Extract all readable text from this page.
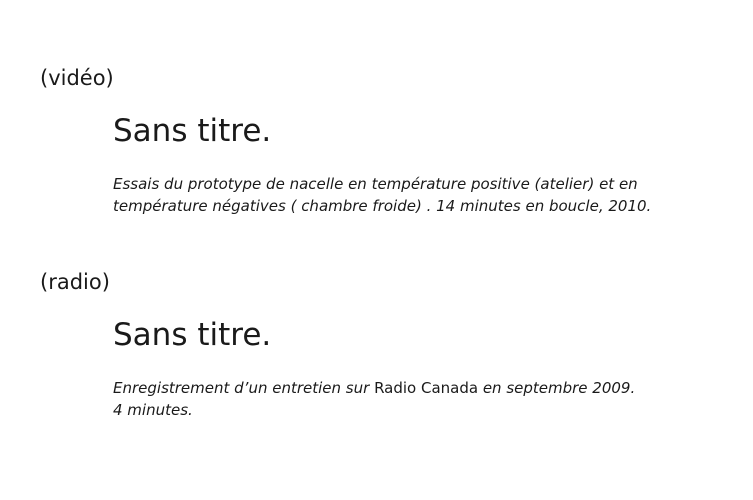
(vidéo)
Sans titre.
Essais du prototype de nacelle en température positive (atelier) et en
température négatives ( chambre froide) . 14 minutes en boucle, 2010.
(radio)
Sans titre.
Enregistrement d’un entretien sur Radio Canada en septembre 2009.
4 minutes.
